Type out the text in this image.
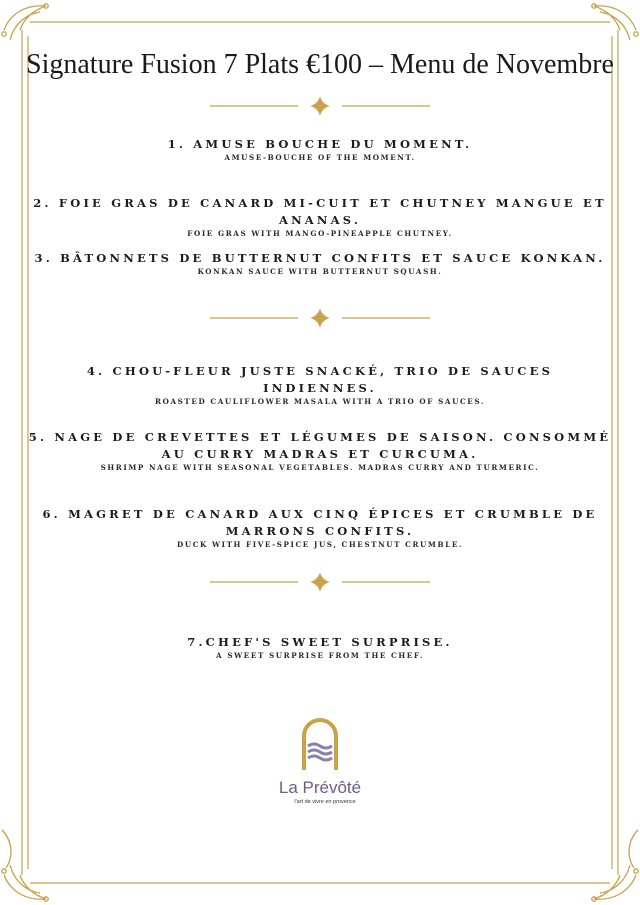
Signature Fusion 7 Plats €100 – Menu de Novembre
1. AMUSE BOUCHE DU MOMENT.
AMUSE-BOUCHE OF THE MOMENT.
2. FOIE GRAS DE CANARD MI-CUIT ET CHUTNEY MANGUE ET ANANAS.
FOIE GRAS WITH MANGO-PINEAPPLE CHUTNEY.
3. BÂTONNETS DE BUTTERNUT CONFITS ET SAUCE KONKAN.
KONKAN SAUCE WITH BUTTERNUT SQUASH.
4. CHOU-FLEUR JUSTE SNACKÉ, TRIO DE SAUCES INDIENNES.
ROASTED CAULIFLOWER MASALA WITH A TRIO OF SAUCES.
5. NAGE DE CREVETTES ET LÉGUMES DE SAISON. CONSOMMÉ AU CURRY MADRAS ET CURCUMA.
SHRIMP NAGE WITH SEASONAL VEGETABLES. MADRAS CURRY AND TURMERIC.
6. MAGRET DE CANARD AUX CINQ ÉPICES ET CRUMBLE DE MARRONS CONFITS.
DUCK WITH FIVE-SPICE JUS, CHESTNUT CRUMBLE.
7.CHEF'S SWEET SURPRISE.
A SWEET SURPRISE FROM THE CHEF.
La Prévôté
l'art de vivre en provence
